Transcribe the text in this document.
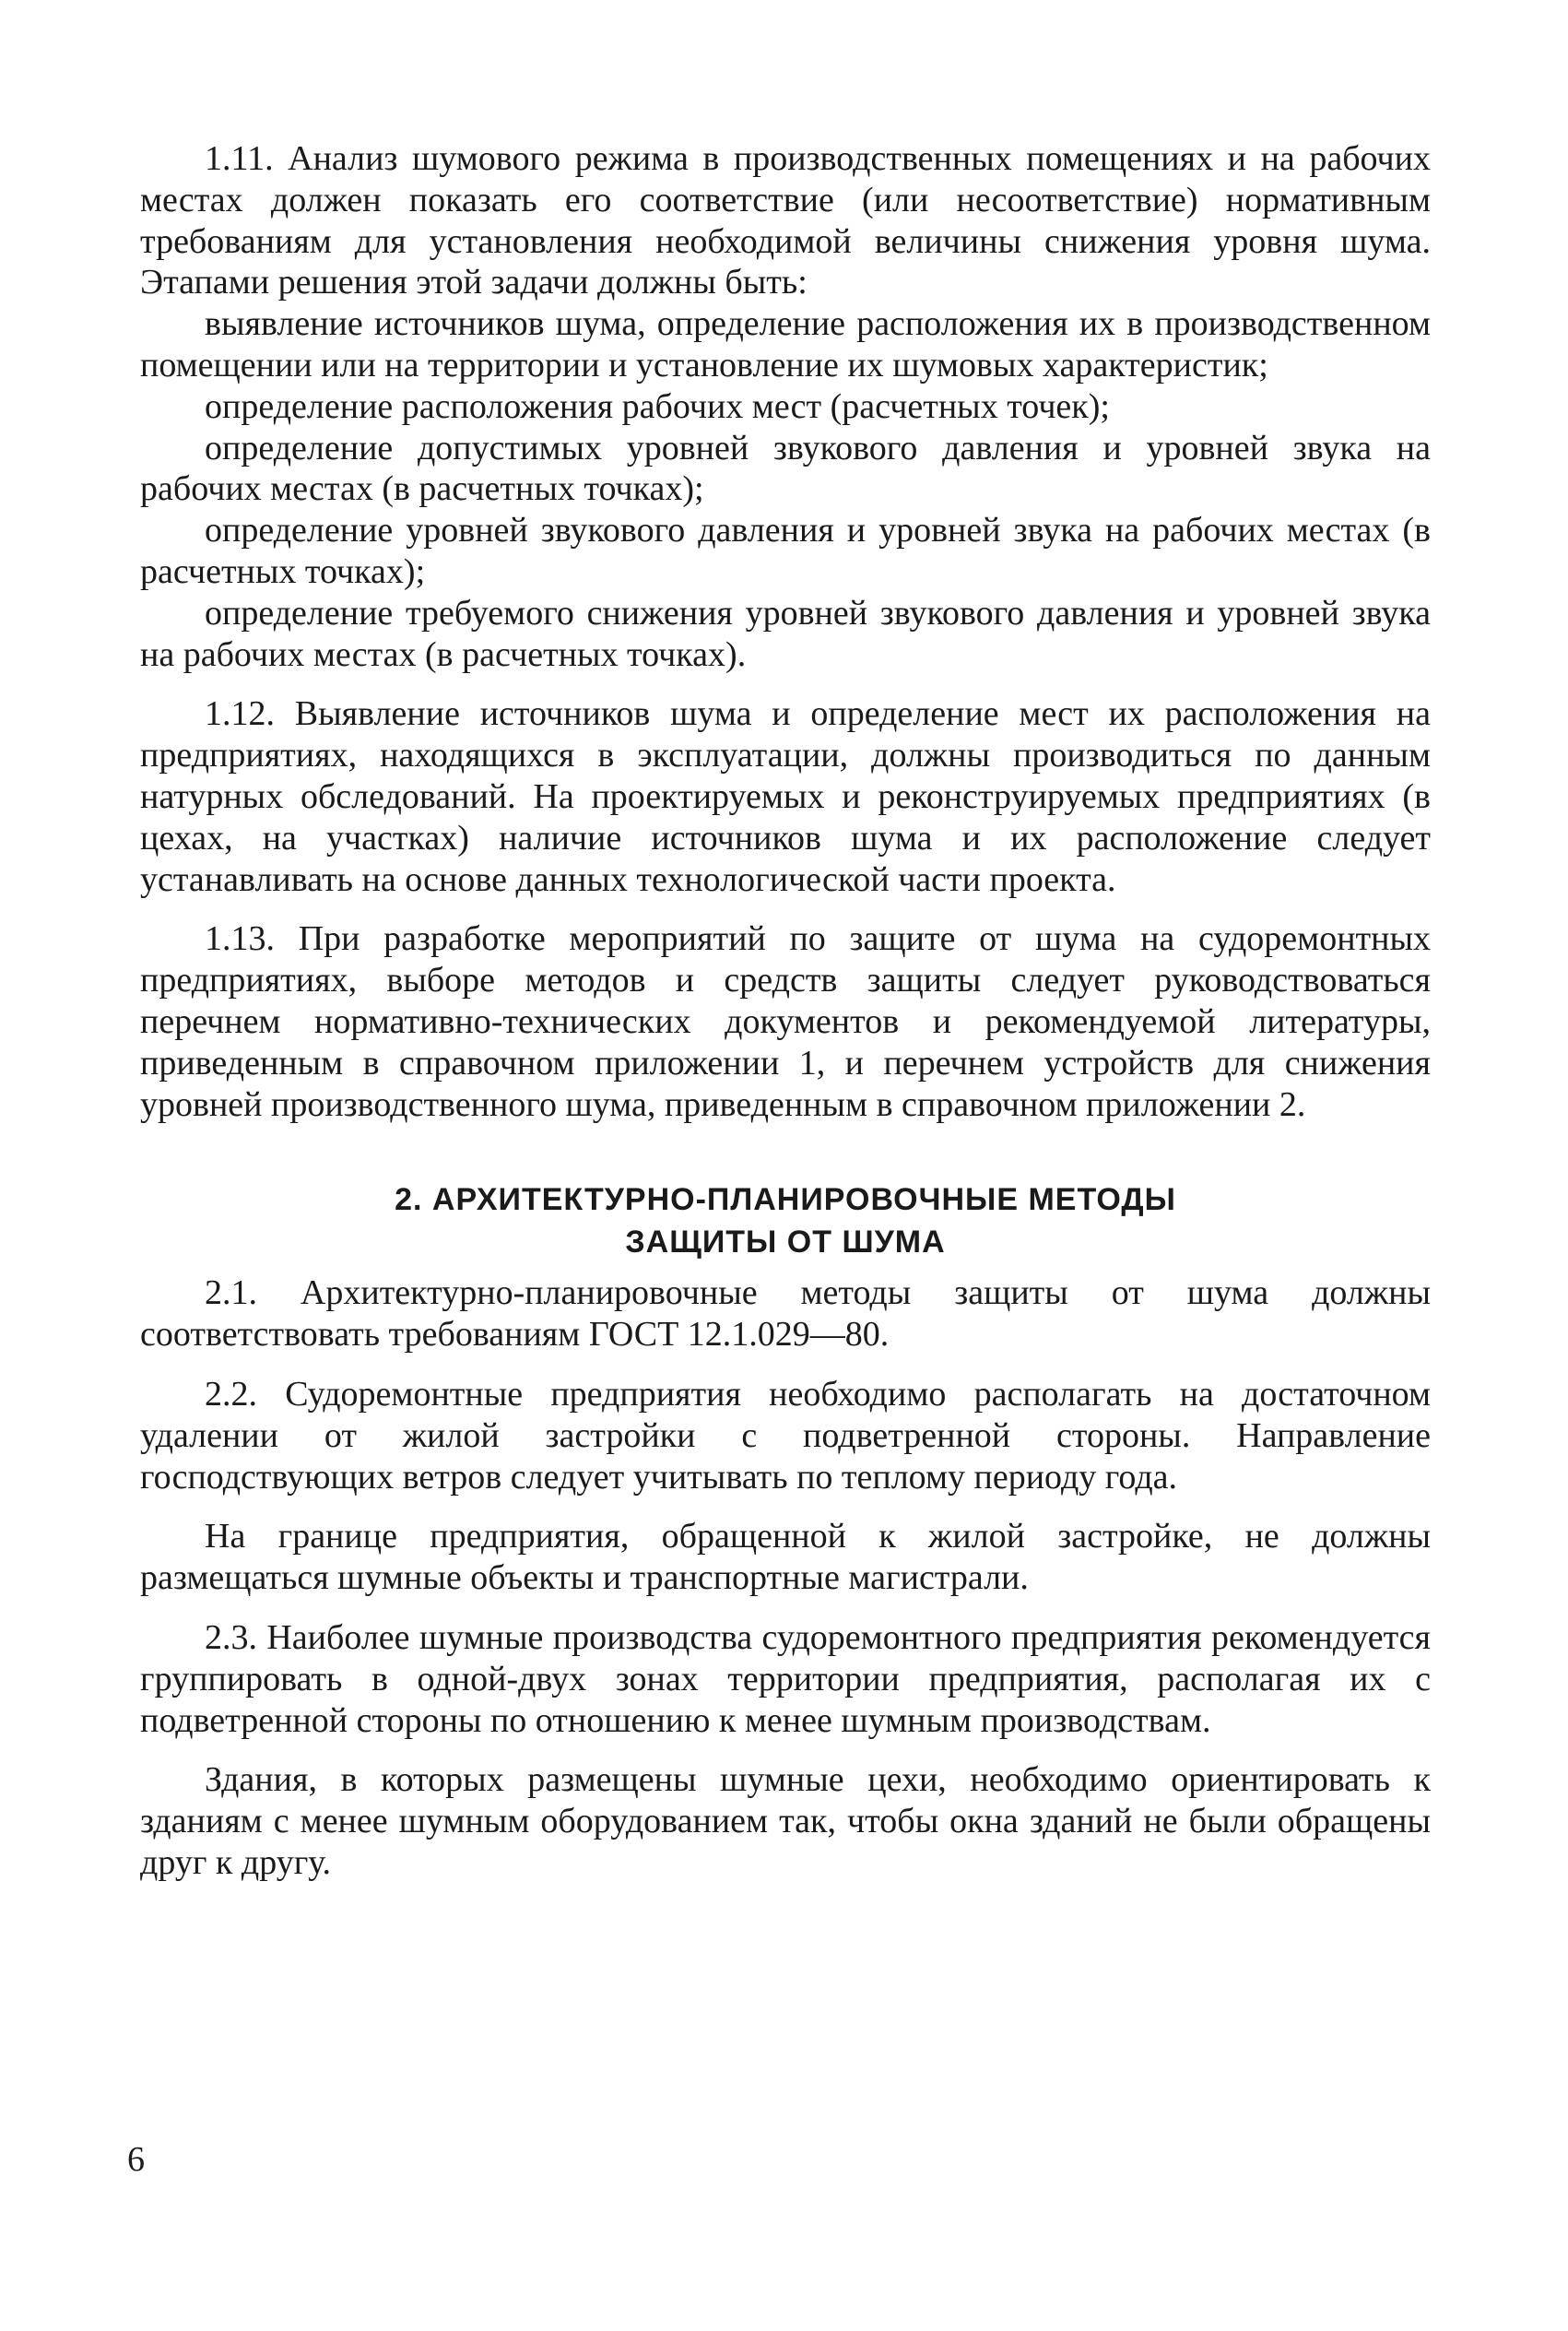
1.11. Анализ шумового режима в производственных помещениях и на рабочих местах должен показать его соответствие (или несоответствие) нормативным требованиям для установления необходимой величины снижения уровня шума. Этапами решения этой задачи должны быть:

выявление источников шума, определение расположения их в производственном помещении или на территории и установление их шумовых характеристик;

определение расположения рабочих мест (расчетных точек);

определение допустимых уровней звукового давления и уровней звука на рабочих местах (в расчетных точках);

определение уровней звукового давления и уровней звука на рабочих местах (в расчетных точках);

определение требуемого снижения уровней звукового давления и уровней звука на рабочих местах (в расчетных точках).

1.12. Выявление источников шума и определение мест их расположения на предприятиях, находящихся в эксплуатации, должны производиться по данным натурных обследований. На проектируемых и реконструируемых предприятиях (в цехах, на участках) наличие источников шума и их расположение следует устанавливать на основе данных технологической части проекта.

1.13. При разработке мероприятий по защите от шума на судоремонтных предприятиях, выборе методов и средств защиты следует руководствоваться перечнем нормативно-технических документов и рекомендуемой литературы, приведенным в справочном приложении 1, и перечнем устройств для снижения уровней производственного шума, приведенным в справочном приложении 2.

2. АРХИТЕКТУРНО-ПЛАНИРОВОЧНЫЕ МЕТОДЫ
ЗАЩИТЫ ОТ ШУМА

2.1. Архитектурно-планировочные методы защиты от шума должны соответствовать требованиям ГОСТ 12.1.029—80.

2.2. Судоремонтные предприятия необходимо располагать на достаточном удалении от жилой застройки с подветренной стороны. Направление господствующих ветров следует учитывать по теплому периоду года.

На границе предприятия, обращенной к жилой застройке, не должны размещаться шумные объекты и транспортные магистрали.

2.3. Наиболее шумные производства судоремонтного предприятия рекомендуется группировать в одной-двух зонах территории предприятия, располагая их с подветренной стороны по отношению к менее шумным производствам.

Здания, в которых размещены шумные цехи, необходимо ориентировать к зданиям с менее шумным оборудованием так, чтобы окна зданий не были обращены друг к другу.

6
